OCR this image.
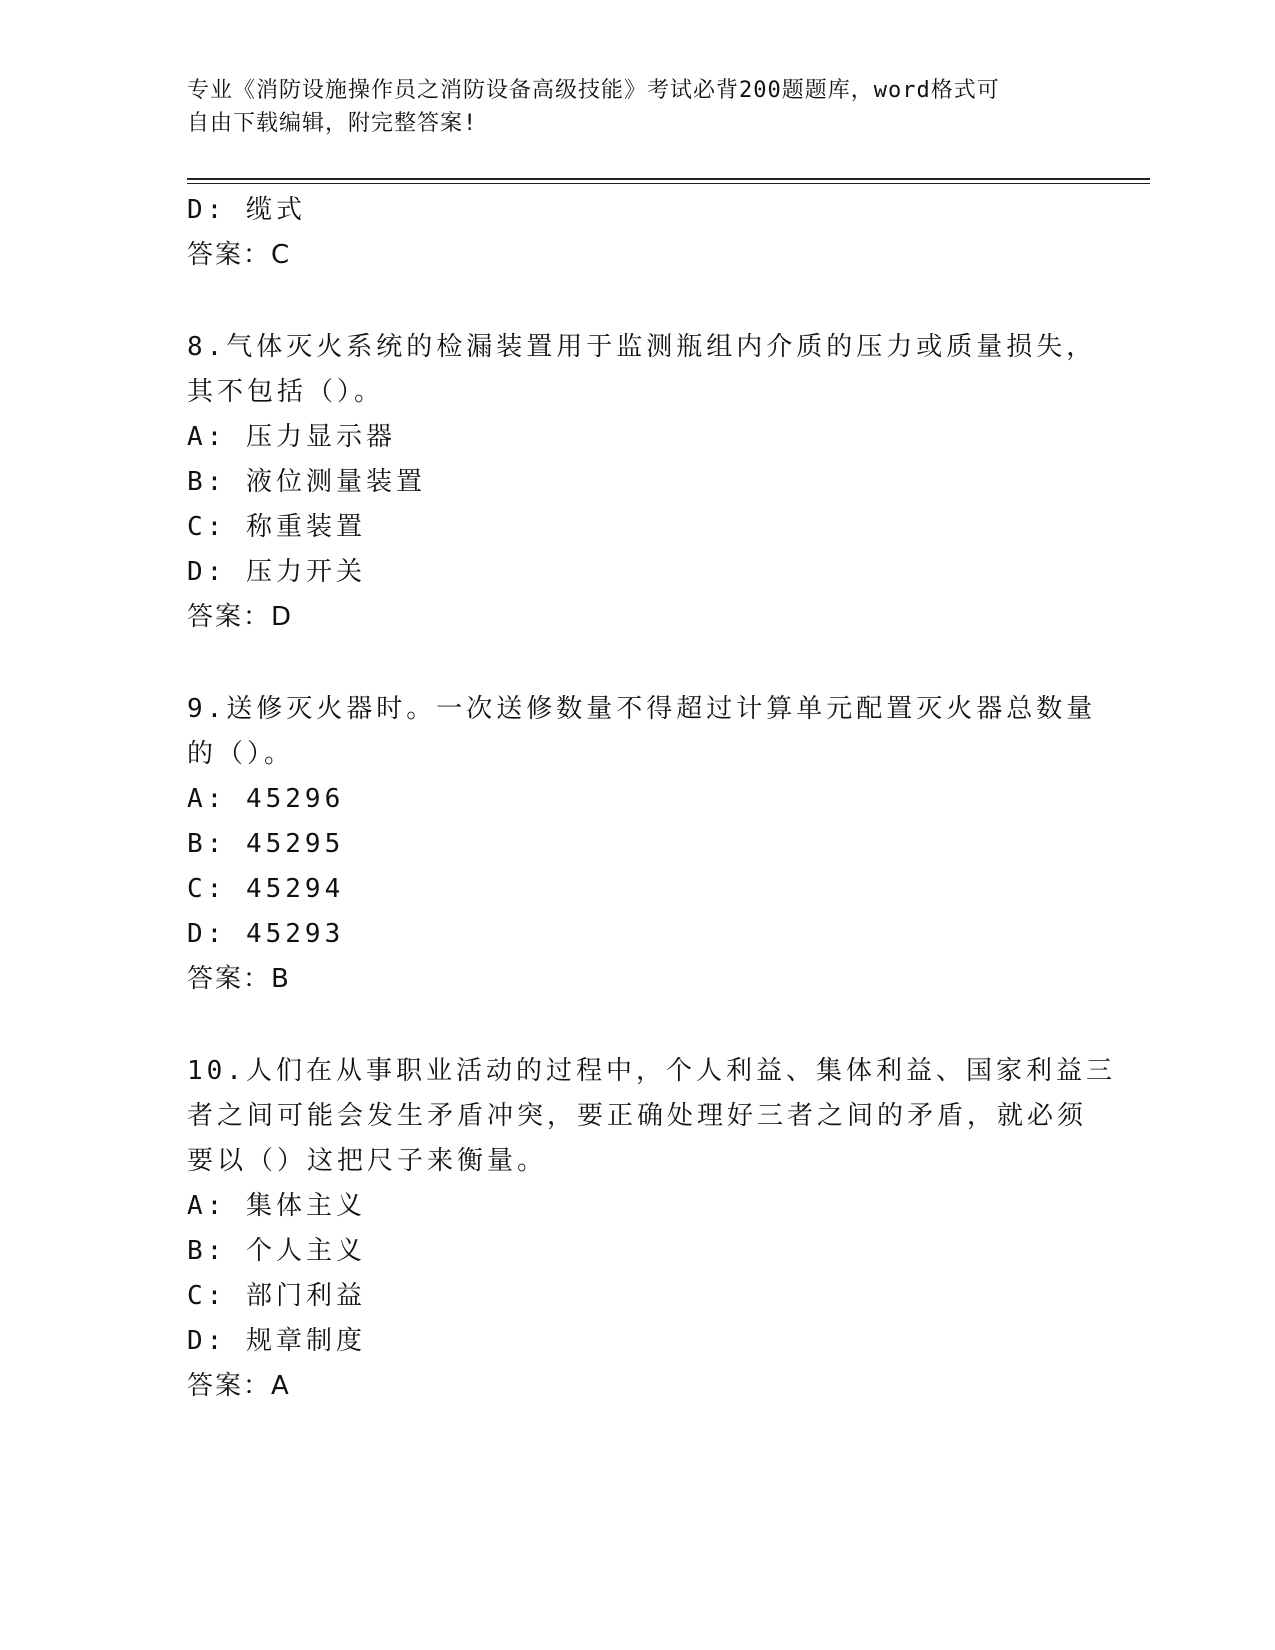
专业《消防设施操作员之消防设备高级技能》考试必背200题题库，word格式可
自由下载编辑，附完整答案!
D: 缆式
答案：C
8.气体灭火系统的检漏装置用于监测瓶组内介质的压力或质量损失，
其不包括（）。
A: 压力显示器
B: 液位测量装置
C: 称重装置
D: 压力开关
答案：D
9.送修灭火器时。一次送修数量不得超过计算单元配置灭火器总数量
的（）。
A: 45296
B: 45295
C: 45294
D: 45293
答案：B
10.人们在从事职业活动的过程中，个人利益、集体利益、国家利益三
者之间可能会发生矛盾冲突，要正确处理好三者之间的矛盾，就必须
要以（）这把尺子来衡量。
A: 集体主义
B: 个人主义
C: 部门利益
D: 规章制度
答案：A
